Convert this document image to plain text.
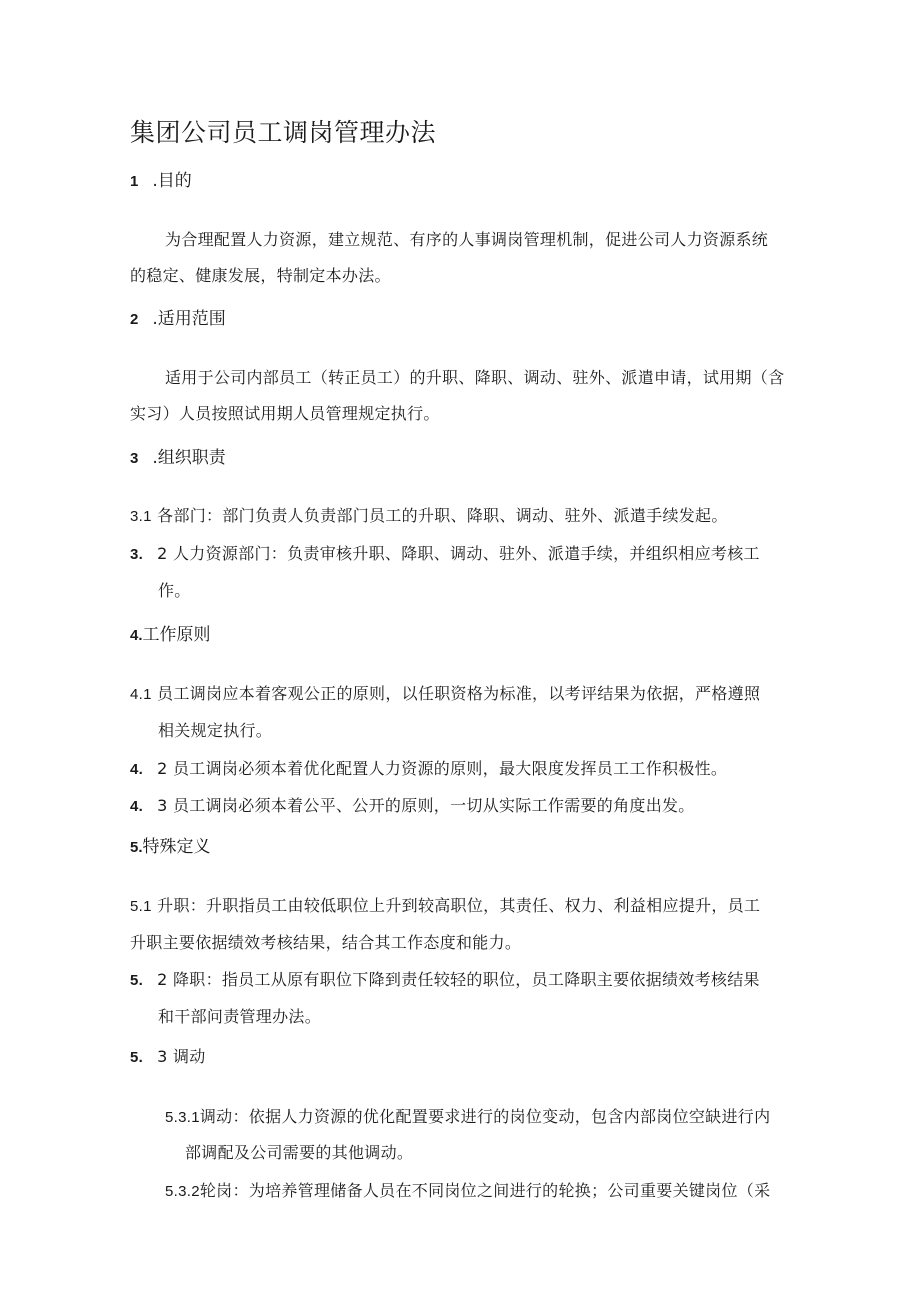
集团公司员工调岗管理办法
1 .目的
为合理配置人力资源，建立规范、有序的人事调岗管理机制，促进公司人力资源系统
的稳定、健康发展，特制定本办法。
2 .适用范围
适用于公司内部员工（转正员工）的升职、降职、调动、驻外、派遣申请，试用期（含
实习）人员按照试用期人员管理规定执行。
3 .组织职责
3.1 各部门：部门负责人负责部门员工的升职、降职、调动、驻外、派遣手续发起。
3. 2 人力资源部门：负责审核升职、降职、调动、驻外、派遣手续，并组织相应考核工
作。
4.工作原则
4.1 员工调岗应本着客观公正的原则，以任职资格为标准，以考评结果为依据，严格遵照
相关规定执行。
4. 2 员工调岗必须本着优化配置人力资源的原则，最大限度发挥员工工作积极性。
4. 3 员工调岗必须本着公平、公开的原则，一切从实际工作需要的角度出发。
5.特殊定义
5.1 升职：升职指员工由较低职位上升到较高职位，其责任、权力、利益相应提升，员工
升职主要依据绩效考核结果，结合其工作态度和能力。
5. 2 降职：指员工从原有职位下降到责任较轻的职位，员工降职主要依据绩效考核结果
和干部问责管理办法。
5. 3 调动
5.3.1调动：依据人力资源的优化配置要求进行的岗位变动，包含内部岗位空缺进行内
部调配及公司需要的其他调动。
5.3.2轮岗：为培养管理储备人员在不同岗位之间进行的轮换；公司重要关键岗位（采
